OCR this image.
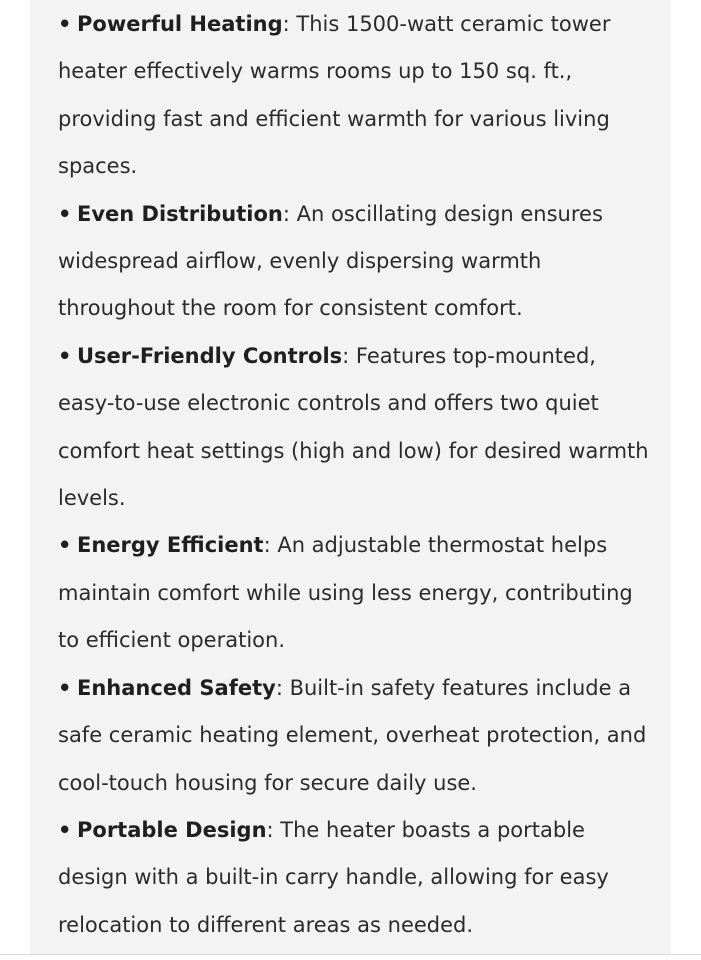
• Powerful Heating: This 1500-watt ceramic tower heater effectively warms rooms up to 150 sq. ft., providing fast and efficient warmth for various living spaces.
• Even Distribution: An oscillating design ensures widespread airflow, evenly dispersing warmth throughout the room for consistent comfort.
• User-Friendly Controls: Features top-mounted, easy-to-use electronic controls and offers two quiet comfort heat settings (high and low) for desired warmth levels.
• Energy Efficient: An adjustable thermostat helps maintain comfort while using less energy, contributing to efficient operation.
• Enhanced Safety: Built-in safety features include a safe ceramic heating element, overheat protection, and cool-touch housing for secure daily use.
• Portable Design: The heater boasts a portable design with a built-in carry handle, allowing for easy relocation to different areas as needed.
